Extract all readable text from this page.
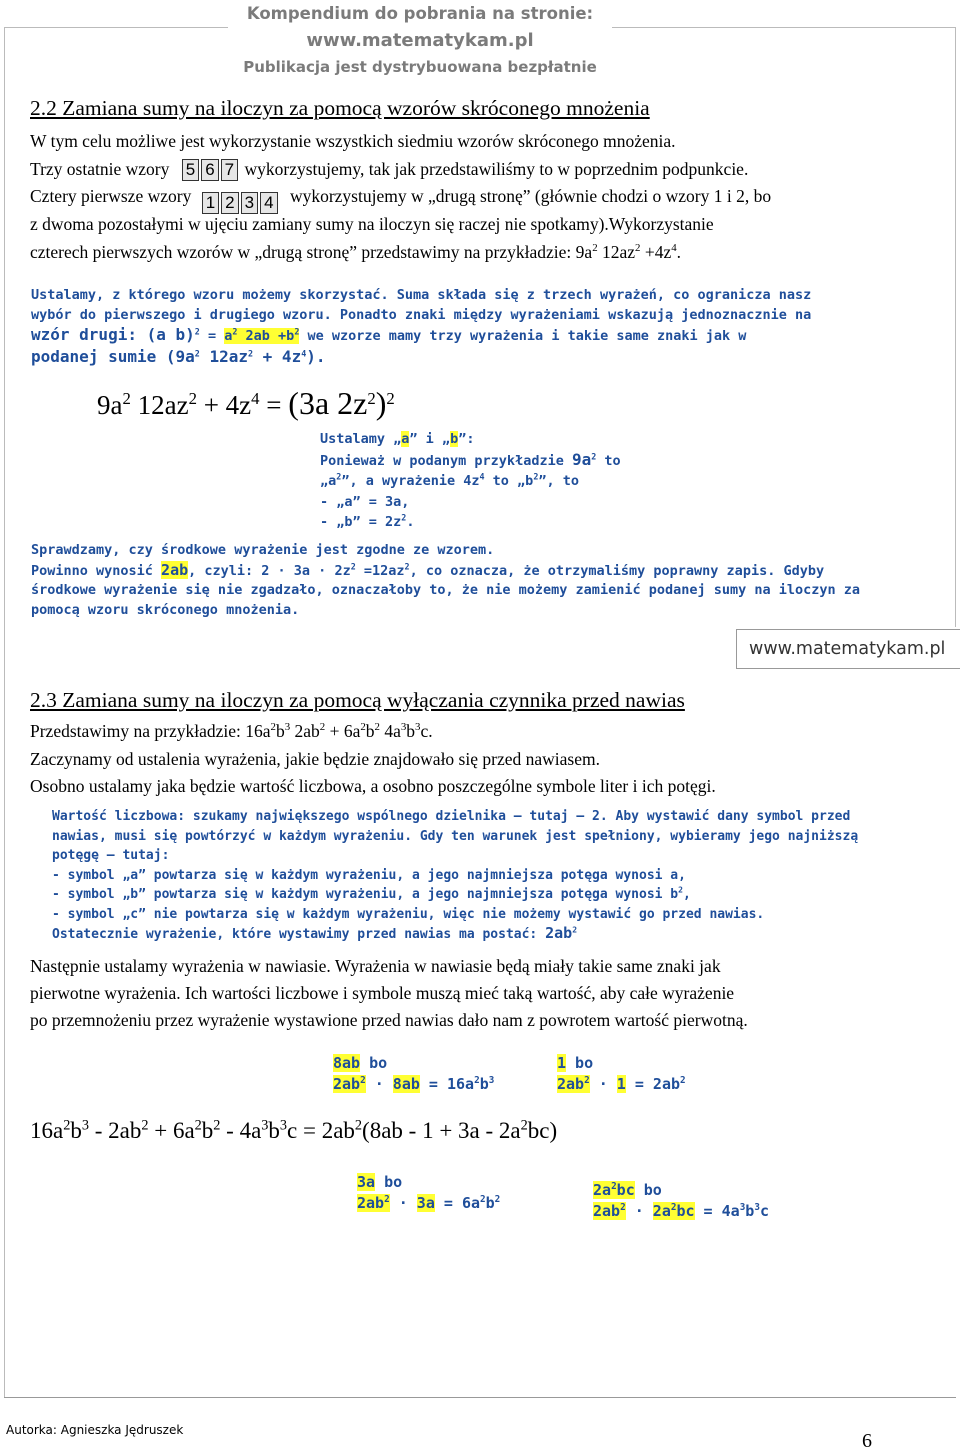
Kompendium do pobrania na stronie:
www.matematykam.pl
Publikacja jest dystrybuowana bezpłatnie
2.2 Zamiana sumy na iloczyn za pomocą wzorów skróconego mnożenia
W tym celu możliwe jest wykorzystanie wszystkich siedmiu wzorów skróconego mnożenia.
Trzy ostatnie wzory 5 6 7 wykorzystujemy, tak jak przedstawiliśmy to w poprzednim podpunkcie.
Cztery pierwsze wzory 1 2 3 4 wykorzystujemy w „drugą stronę” (głównie chodzi o wzory 1 i 2, bo
z dwoma pozostałymi w ujęciu zamiany sumy na iloczyn się raczej nie spotkamy).Wykorzystanie
czterech pierwszych wzorów w „drugą stronę” przedstawimy na przykładzie: $9a^2$ $12az^2 +4z^4$.
Ustalamy, z którego wzoru możemy skorzystać. Suma składa się z trzech wyrażeń, co ogranicza nasz
wybór do pierwszego i drugiego wzoru. Ponadto znaki między wyrażeniami wskazują jednoznacznie na
wzór drugi: (a $b)^2 = a^2$ $2ab +b^2$ we wzorze mamy trzy wyrażenia i takie same znaki jak w
podanej sumie ($9a^2$ $12az^2 + 4z^4$).
$9a^2$ $12az^2 + 4z^4 = (3a$ $2z^2)^2$
Ustalamy „a” i „b”:
Ponieważ w podanym przykładzie $9a^2$ to
$„a^2$”, a wyrażenie $4z^4$ to $„b^2$”, to
- „a” = 3a,
- „b” = $2z^2$.
Sprawdzamy, czy środkowe wyrażenie jest zgodne ze wzorem.
Powinno wynosić 2ab, czyli: $2 \cdot 3a \cdot 2z^2 =12az^2$, co oznacza, że otrzymaliśmy poprawny zapis. Gdyby
środkowe wyrażenie się nie zgadzało, oznaczałoby to, że nie możemy zamienić podanej sumy na iloczyn za
pomocą wzoru skróconego mnożenia.
www.matematykam.pl
2.3 Zamiana sumy na iloczyn za pomocą wyłączania czynnika przed nawias
Przedstawimy na przykładzie: $16a^2b^3$ $2ab^2 + 6a^2b^2$ $4a^3b^3c$.
Zaczynamy od ustalenia wyrażenia, jakie będzie znajdowało się przed nawiasem.
Osobno ustalamy jaka będzie wartość liczbowa, a osobno poszczególne symbole liter i ich potęgi.
Wartość liczbowa: szukamy największego wspólnego dzielnika – tutaj – 2. Aby wystawić dany symbol przed
nawias, musi się powtórzyć w każdym wyrażeniu. Gdy ten warunek jest spełniony, wybieramy jego najniższą
potęgę – tutaj:
- symbol „a” powtarza się w każdym wyrażeniu, a jego najmniejsza potęga wynosi a,
- symbol „b” powtarza się w każdym wyrażeniu, a jego najmniejsza potęga wynosi $b^2$,
- symbol „c” nie powtarza się w każdym wyrażeniu, więc nie możemy wystawić go przed nawias.
Ostatecznie wyrażenie, które wystawimy przed nawias ma postać: $2ab^2$
Następnie ustalamy wyrażenia w nawiasie. Wyrażenia w nawiasie będą miały takie same znaki jak
pierwotne wyrażenia. Ich wartości liczbowe i symbole muszą mieć taką wartość, aby całe wyrażenie
po przemnożeniu przez wyrażenie wystawione przed nawias dało nam z powrotem wartość pierwotną.
8ab bo
$2ab^2 \cdot 8ab = 16a^2b^3$
1 bo
$2ab^2 \cdot 1 = 2ab^2$
$16a^2b^3 - 2ab^2 + 6a^2b^2 - 4a^3b^3c = 2ab^2(8ab - 1 + 3a - 2a^2bc)$
3a bo
$2ab^2 \cdot 3a = 6a^2b^2$
$2a^2bc$ bo
$2ab^2 \cdot 2a^2bc = 4a^3b^3c$
Autorka: Agnieszka Jędruszek	6
